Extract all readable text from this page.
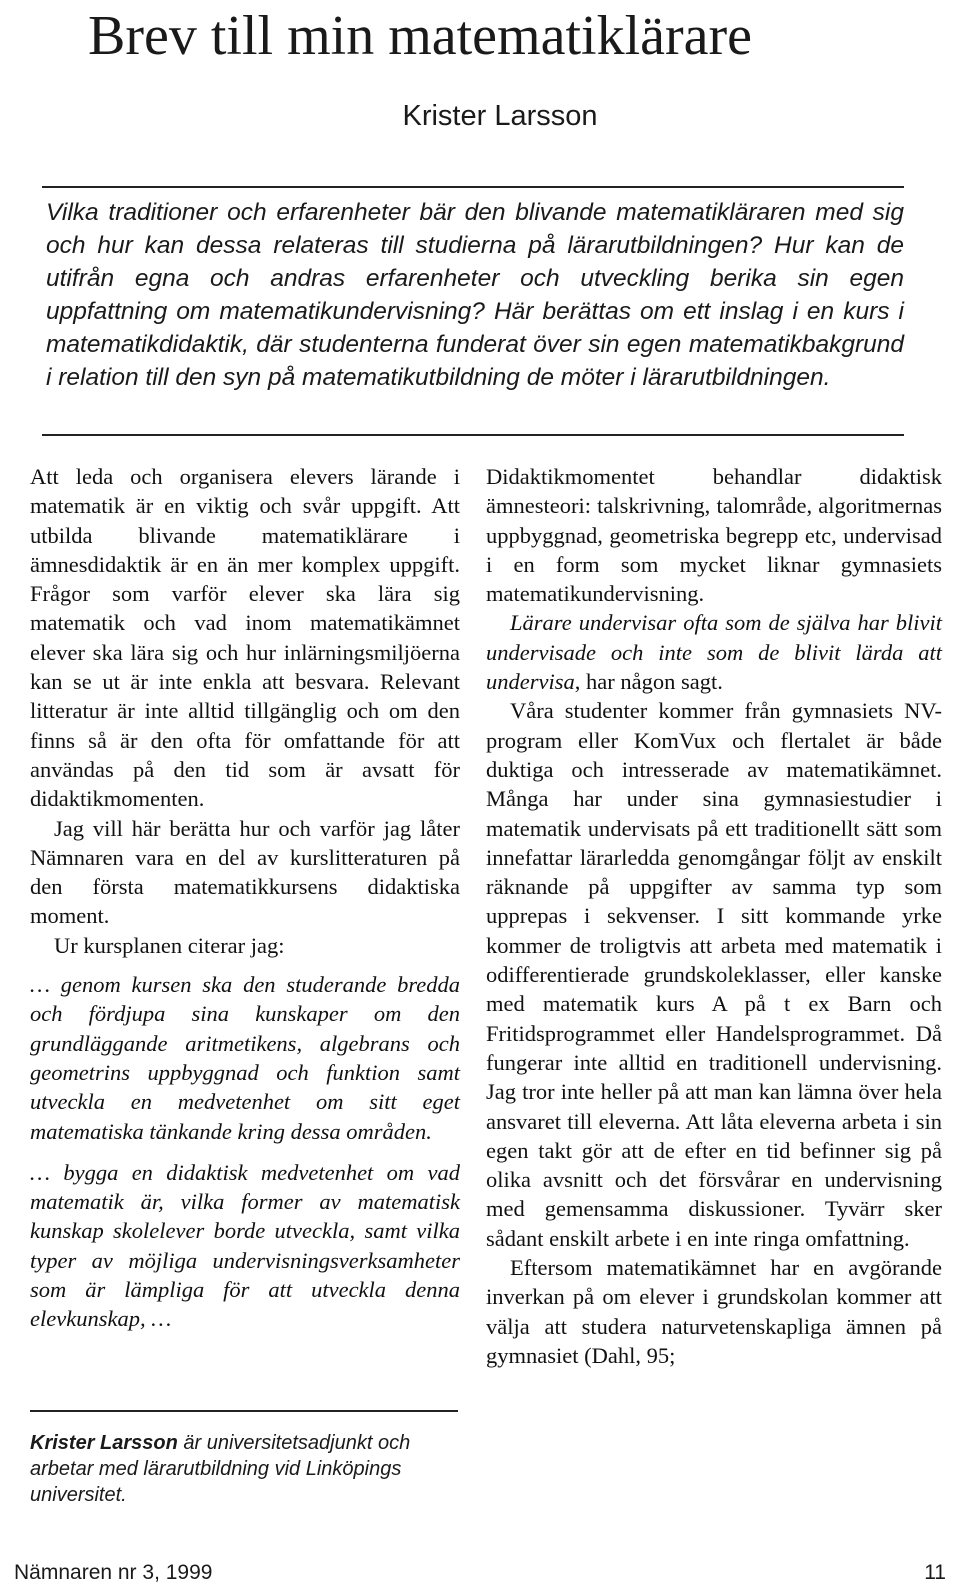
Brev till min matematiklärare

Krister Larsson

Vilka traditioner och erfarenheter bär den blivande matematikläraren med sig och hur kan dessa relateras till studierna på lärarutbildningen? Hur kan de utifrån egna och andras erfarenheter och utveckling berika sin egen uppfattning om matematikundervisning? Här berättas om ett inslag i en kurs i matematikdidaktik, där studenterna funderat över sin egen matematikbakgrund i relation till den syn på matematikutbildning de möter i lärarutbildningen.

Att leda och organisera elevers lärande i matematik är en viktig och svår uppgift. Att utbilda blivande matematiklärare i ämnesdidaktik är en än mer komplex uppgift. Frågor som varför elever ska lära sig matematik och vad inom matematikämnet elever ska lära sig och hur inlärningsmiljöerna kan se ut är inte enkla att besvara. Relevant litteratur är inte alltid tillgänglig och om den finns så är den ofta för omfattande för att användas på den tid som är avsatt för didaktikmomenten.

Jag vill här berätta hur och varför jag låter Nämnaren vara en del av kurslitteraturen på den första matematikkursens didaktiska moment.

Ur kursplanen citerar jag:

… genom kursen ska den studerande bredda och fördjupa sina kunskaper om den grundläggande aritmetikens, algebrans och geometrins uppbyggnad och funktion samt utveckla en medvetenhet om sitt eget matematiska tänkande kring dessa områden.

… bygga en didaktisk medvetenhet om vad matematik är, vilka former av matematisk kunskap skolelever borde utveckla, samt vilka typer av möjliga undervisningsverksamheter som är lämpliga för att utveckla denna elevkunskap, …

Krister Larsson är universitetsadjunkt och arbetar med lärarutbildning vid Linköpings universitet.

Didaktikmomentet behandlar didaktisk ämnesteori: talskrivning, talområde, algoritmernas uppbyggnad, geometriska begrepp etc, undervisad i en form som mycket liknar gymnasiets matematikundervisning.

Lärare undervisar ofta som de själva har blivit undervisade och inte som de blivit lärda att undervisa, har någon sagt.

Våra studenter kommer från gymnasiets NV-program eller KomVux och flertalet är både duktiga och intresserade av matematikämnet. Många har under sina gymnasiestudier i matematik undervisats på ett traditionellt sätt som innefattar lärarledda genomgångar följt av enskilt räknande på uppgifter av samma typ som upprepas i sekvenser. I sitt kommande yrke kommer de troligtvis att arbeta med matematik i odifferentierade grundskoleklasser, eller kanske med matematik kurs A på t ex Barn och Fritidsprogrammet eller Handelsprogrammet. Då fungerar inte alltid en traditionell undervisning. Jag tror inte heller på att man kan lämna över hela ansvaret till eleverna. Att låta eleverna arbeta i sin egen takt gör att de efter en tid befinner sig på olika avsnitt och det försvårar en undervisning med gemensamma diskussioner. Tyvärr sker sådant enskilt arbete i en inte ringa omfattning.

Eftersom matematikämnet har en avgörande inverkan på om elever i grundskolan kommer att välja att studera naturvetenskapliga ämnen på gymnasiet (Dahl, 95;

Nämnaren nr 3, 1999	11
